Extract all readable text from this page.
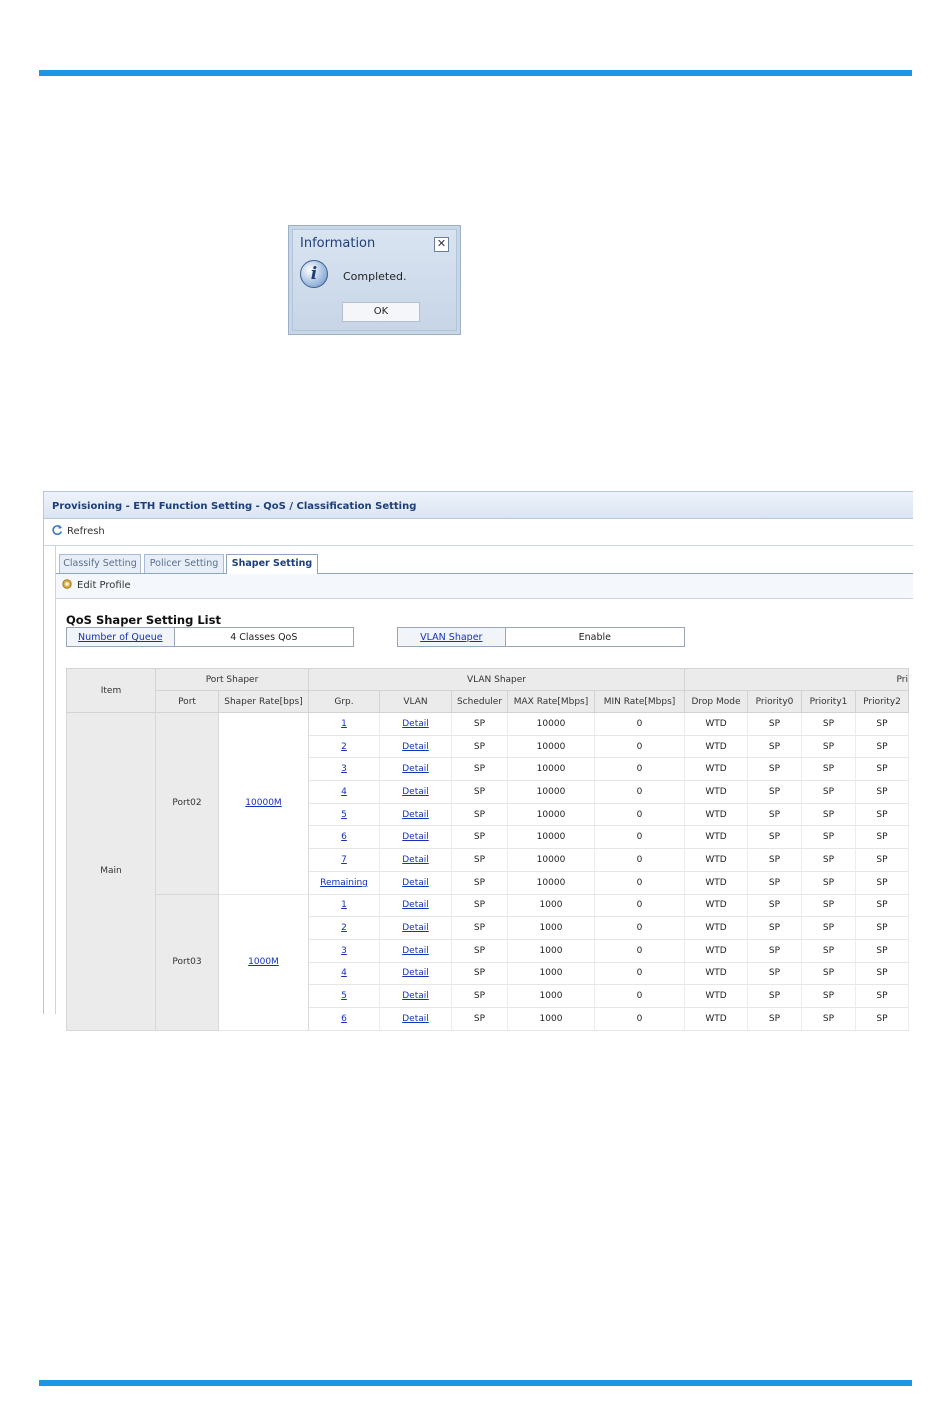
Information	✕
i	Completed.
OK
Provisioning - ETH Function Setting - QoS / Classification Setting
Refresh
Classify Setting	Policer Setting	Shaper Setting
Edit Profile
QoS Shaper Setting List
Number of Queue	4 Classes QoS	VLAN Shaper	Enable
Item	Port Shaper		VLAN Shaper					Pri			
	Port	Shaper Rate[bps]	Grp.	VLAN	Scheduler	MAX Rate[Mbps]	MIN Rate[Mbps]	Drop Mode	Priority0	Priority1	Priority2
Main	Port02	10000M	1	Detail	SP	10000	0	WTD	SP	SP	SP
			2	Detail	SP	10000	0	WTD	SP	SP	SP
			3	Detail	SP	10000	0	WTD	SP	SP	SP
			4	Detail	SP	10000	0	WTD	SP	SP	SP
			5	Detail	SP	10000	0	WTD	SP	SP	SP
			6	Detail	SP	10000	0	WTD	SP	SP	SP
			7	Detail	SP	10000	0	WTD	SP	SP	SP
			Remaining	Detail	SP	10000	0	WTD	SP	SP	SP
	Port03	1000M	1	Detail	SP	1000	0	WTD	SP	SP	SP
			2	Detail	SP	1000	0	WTD	SP	SP	SP
			3	Detail	SP	1000	0	WTD	SP	SP	SP
			4	Detail	SP	1000	0	WTD	SP	SP	SP
			5	Detail	SP	1000	0	WTD	SP	SP	SP
			6	Detail	SP	1000	0	WTD	SP	SP	SP
